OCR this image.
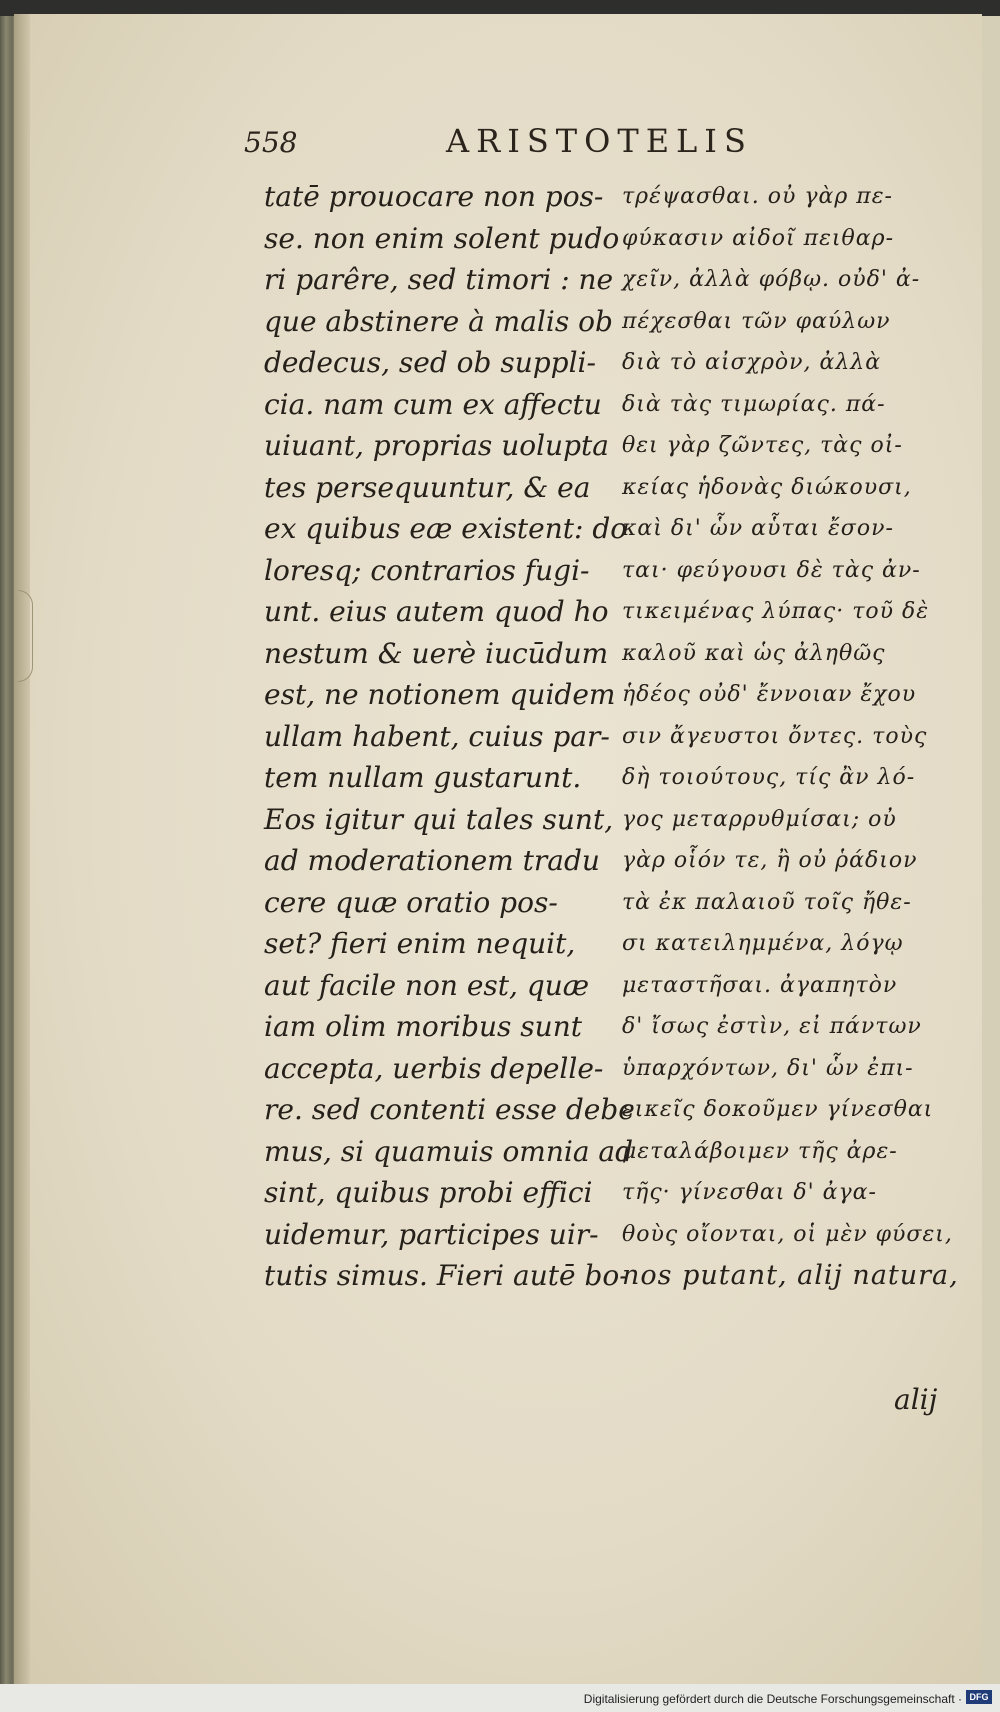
558	ARISTOTELIS
tatē prouocare non pos-
se. non enim solent pudo
ri parêre, sed timori : ne
que abstinere à malis ob
dedecus, sed ob suppli-
cia. nam cum ex affectu
uiuant, proprias uolupta
tes persequuntur, & ea
ex quibus eæ existent: do
loresq; contrarios fugi-
unt. eius autem quod ho
nestum & uerè iucūdum
est, ne notionem quidem
ullam habent, cuius par-
tem nullam gustarunt.
Eos igitur qui tales sunt,
ad moderationem tradu
cere quæ oratio pos-
set? fieri enim nequit,
aut facile non est, quæ
iam olim moribus sunt
accepta, uerbis depelle-
re. sed contenti esse debe
mus, si quamuis omnia ad
sint, quibus probi effici
uidemur, participes uir-
tutis simus. Fieri autē bo-
τρέψασθαι. οὐ γὰρ πε-
φύκασιν αἰδοῖ πειθαρ-
χεῖν, ἀλλὰ φόβῳ. οὐδ' ἀ-
πέχεσθαι τῶν φαύλων
διὰ τὸ αἰσχρὸν, ἀλλὰ
διὰ τὰς τιμωρίας. πά-
θει γὰρ ζῶντες, τὰς οἰ-
κείας ἡδονὰς διώκουσι,
καὶ δι' ὧν αὗται ἔσον-
ται· φεύγουσι δὲ τὰς ἀν-
τικειμένας λύπας· τοῦ δὲ
καλοῦ καὶ ὡς ἀληθῶς
ἡδέος οὐδ' ἔννοιαν ἔχου
σιν ἄγευστοι ὄντες. τοὺς
δὴ τοιούτους, τίς ἂν λό-
γος μεταρρυθμίσαι; οὐ
γὰρ οἷόν τε, ἢ οὐ ῥάδιον
τὰ ἐκ παλαιοῦ τοῖς ἤθε-
σι κατειλημμένα, λόγῳ
μεταστῆσαι. ἀγαπητὸν
δ' ἴσως ἐστὶν, εἰ πάντων
ὑπαρχόντων, δι' ὧν ἐπι-
εικεῖς δοκοῦμεν γίνεσθαι
μεταλάβοιμεν τῆς ἀρε-
τῆς· γίνεσθαι δ' ἀγα-
θοὺς οἴονται, οἱ μὲν φύσει,
nos putant, alij natura,
alij
Digitalisierung gefördert durch die Deutsche Forschungsgemeinschaft · DFG
